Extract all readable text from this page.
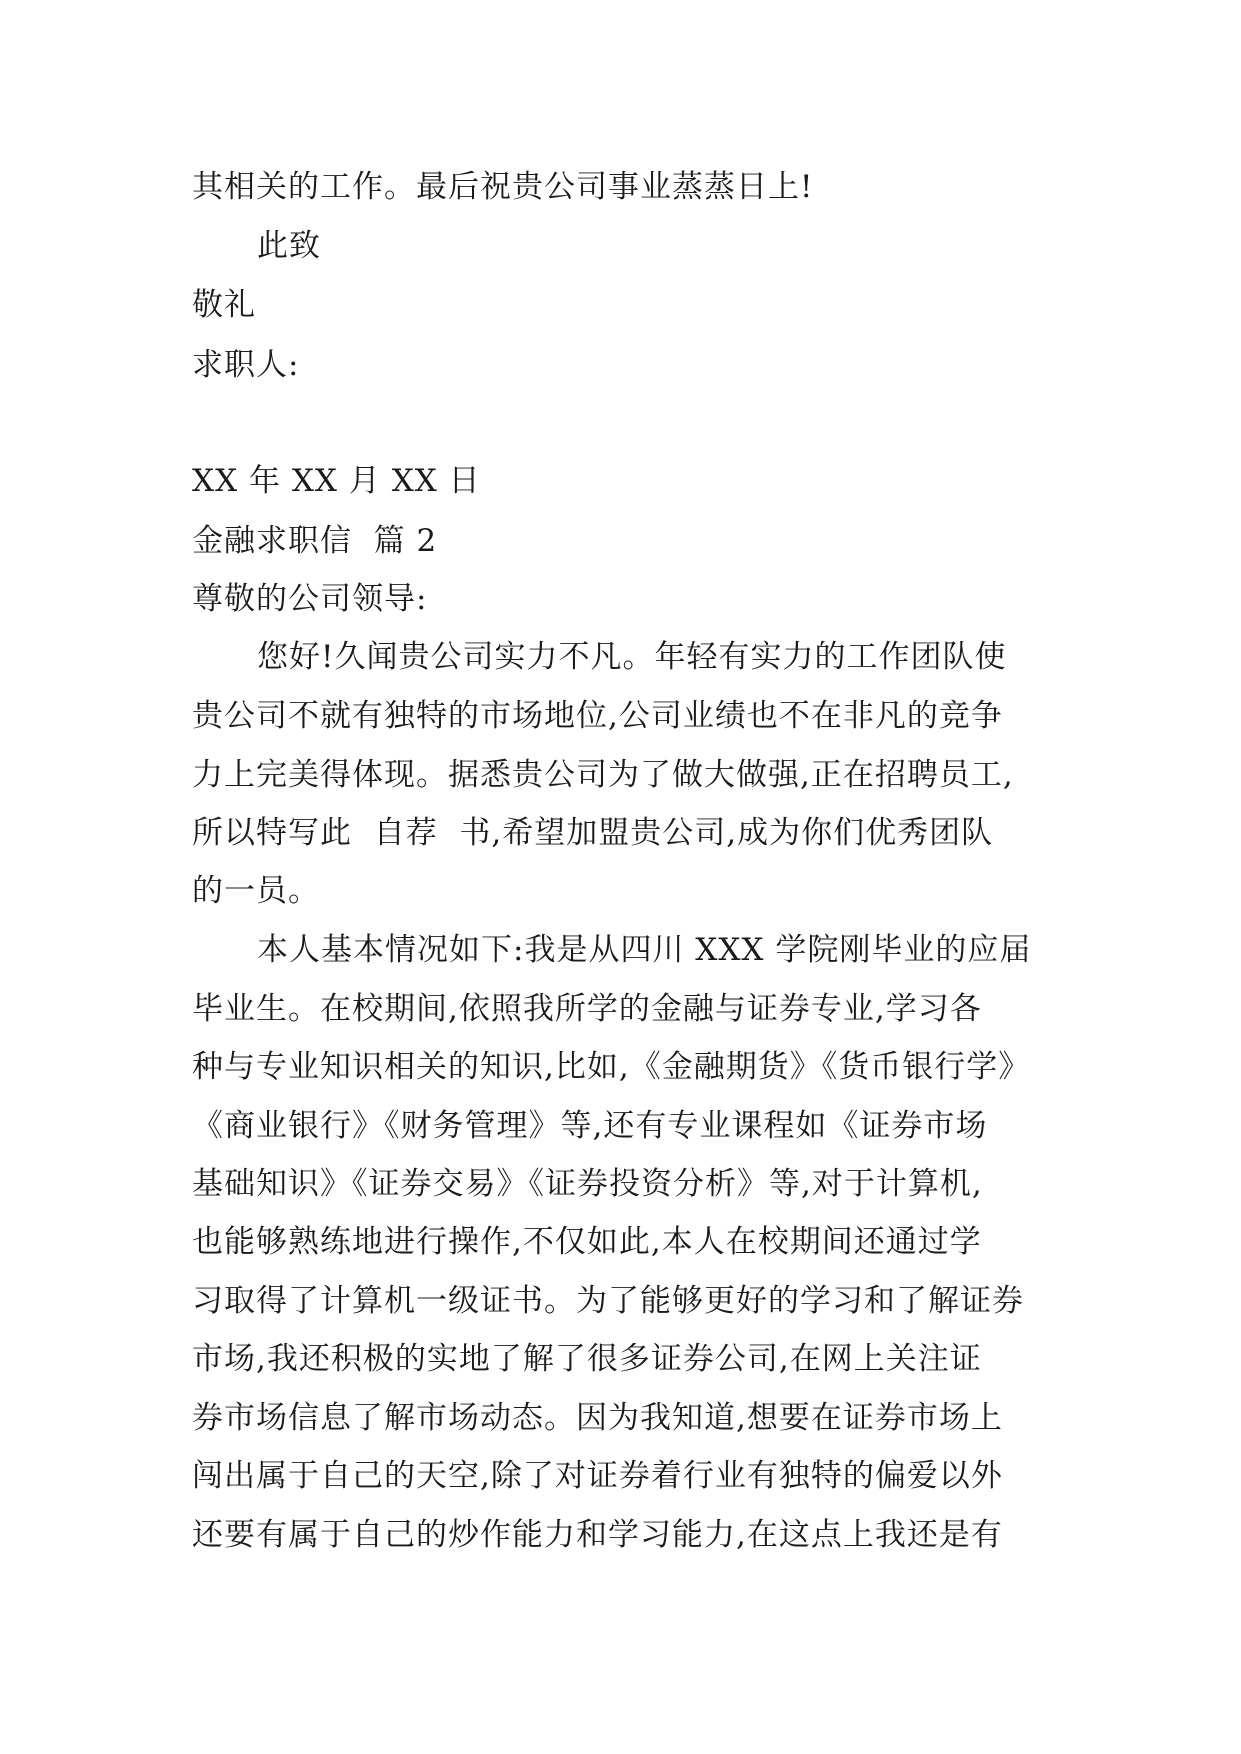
其相关的工作。最后祝贵公司事业蒸蒸日上!
此致
敬礼
求职人:
XX 年 XX 月 XX 日
金融求职信  篇 2
尊敬的公司领导:
您好!久闻贵公司实力不凡。年轻有实力的工作团队使
贵公司不就有独特的市场地位,公司业绩也不在非凡的竞争
力上完美得体现。据悉贵公司为了做大做强,正在招聘员工,
所以特写此  自荐  书,希望加盟贵公司,成为你们优秀团队
的一员。
本人基本情况如下:我是从四川 XXX 学院刚毕业的应届
毕业生。在校期间,依照我所学的金融与证券专业,学习各
种与专业知识相关的知识,比如,《金融期货》《货币银行学》
《商业银行》《财务管理》等,还有专业课程如《证券市场
基础知识》《证券交易》《证券投资分析》等,对于计算机,
也能够熟练地进行操作,不仅如此,本人在校期间还通过学
习取得了计算机一级证书。为了能够更好的学习和了解证券
市场,我还积极的实地了解了很多证券公司,在网上关注证
券市场信息了解市场动态。因为我知道,想要在证券市场上
闯出属于自己的天空,除了对证券着行业有独特的偏爱以外
还要有属于自己的炒作能力和学习能力,在这点上我还是有
